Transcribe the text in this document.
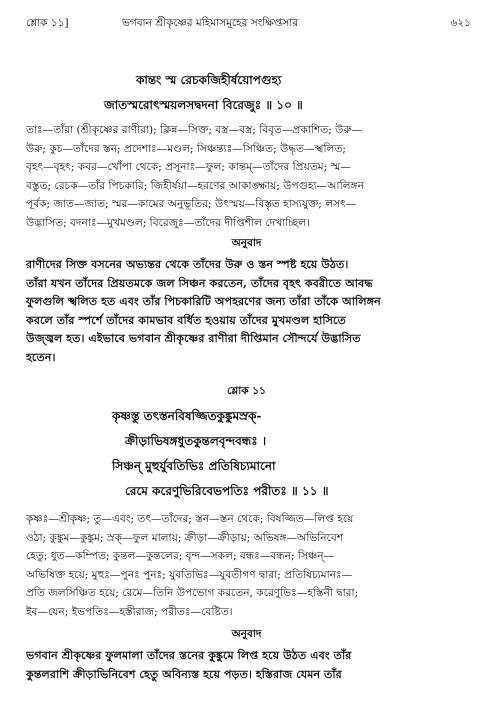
শ্লোক ১১]	ভগবান শ্রীকৃষ্ণের মহিমাসমূহের সংক্ষিপ্তসার	৬২১
কান্তং স্ম রেচকজিহীর্ষয়োপগুহ্য
জাতস্মরোৎস্ময়লসদ্বদনা বিরেজুঃ ॥ ১০ ॥
তাঃ—তাঁরা (শ্রীকৃষ্ণের রাণীরা); ক্লিন্ন—সিক্ত; বস্ত্র—বস্ত্র; বিবৃত—প্রকাশিত; উরু—
উরু; কুচ—তাঁদের স্তন; প্রদেশাঃ—মণ্ডল; সিঞ্চন্ত্যঃ—সিঞ্চিত; উদ্ধৃত—স্খলিত;
বৃহৎ—বৃহৎ; কবর—খোঁপা থেকে; প্রসূনাঃ—ফুল; কান্তম্—তাঁদের প্রিয়তম; স্ম—
বস্তুত; রেচক—তাঁর পিচকারি; জিহীর্ষয়া—হরণের আকাঙ্ক্ষায়; উপগুহ্য—আলিঙ্গন
পূর্বক; জাত—জাত; স্মর—কামের অনুভূতির; উৎস্ময়—বিস্তৃত হাস্যযুক্ত; লসৎ—
উদ্ভাসিত; বদনাঃ—মুখমণ্ডল; বিরেজুঃ—তাঁদের দীপ্তিশীল দেখাচ্ছিল।
অনুবাদ
রাণীদের সিক্ত বসনের অভ্যন্তর থেকে তাঁদের উরু ও স্তন স্পষ্ট হয়ে উঠত।
তাঁরা যখন তাঁদের প্রিয়তমকে জল সিঞ্চন করতেন, তাঁদের বৃহৎ কবরীতে আবদ্ধ
ফুলগুলি স্খলিত হত এবং তাঁর পিচকারিটি অপহরণের জন্য তাঁরা তাঁকে আলিঙ্গন
করলে তাঁর স্পর্শে তাঁদের কামভাব বর্ধিত হওয়ায় তাঁদের মুখমণ্ডল হাসিতে
উজ্জ্বল হত। এইভাবে ভগবান শ্রীকৃষ্ণের রাণীরা দীপ্তিমান সৌন্দর্যে উদ্ভাসিত
হতেন।
শ্লোক ১১
কৃষ্ণস্তু তৎস্তনবিষজ্জিতকুঙ্কুমস্রক্‌-
ক্রীড়াভিষঙ্গধুতকুন্তলবৃন্দবন্ধঃ ।
সিঞ্চন্ মুহুর্যুবতিভিঃ প্রতিষিচ্যমানো
রেমে করেণুভিরিবেভপতিঃ পরীতঃ ॥ ১১ ॥
কৃষ্ণঃ—শ্রীকৃষ্ণ; তু—এবং; তৎ—তাঁদের; স্তন—স্তন থেকে; বিষজ্জিত—লিপ্ত হয়ে
ওঠা; কুঙ্কুম—কুঙ্কুম; স্রক্—ফুল মালায়; ক্রীড়া—ক্রীড়ায়; অভিষঙ্গ—অভিনিবেশ
হেতু; ধুত—কম্পিত; কুন্তল—কুন্তলের; বৃন্দ—সকল; বন্ধঃ—বন্ধন; সিঞ্চন্—
অভিষিক্ত হয়ে; মুহুঃ—পুনঃ পুনঃ; যুবতিভিঃ—যুবতীগণ দ্বারা; প্রতিষিচ্যমানঃ—
প্রতি জলসিঞ্চিত হয়ে; রেমে—তিনি উপভোগ করতেন, করেণুভিঃ—হস্তিনী দ্বারা;
ইব—যেন; ইভপতিঃ—হস্তীরাজ; পরীতঃ—বেষ্টিত।
অনুবাদ
ভগবান শ্রীকৃষ্ণের ফুলমালা তাঁদের স্তনের কুঙ্কুমে লিপ্ত হয়ে উঠত এবং তাঁর
কুন্তলরাশি ক্রীড়াভিনিবেশ হেতু অবিন্যস্ত হয়ে পড়ত। হস্তিরাজ যেমন তাঁর
